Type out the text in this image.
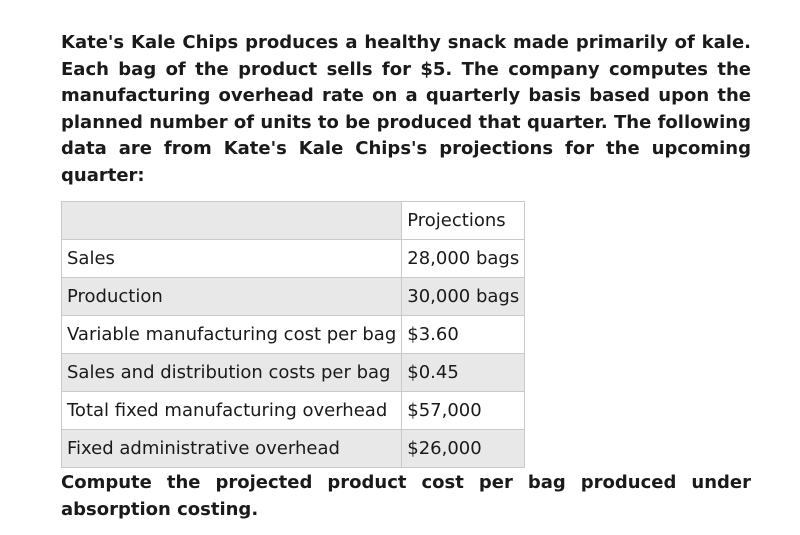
Kate's Kale Chips produces a healthy snack made primarily of kale. Each bag of the product sells for $5. The company computes the manufacturing overhead rate on a quarterly basis based upon the planned number of units to be produced that quarter. The following data are from Kate's Kale Chips's projections for the upcoming quarter:

	Projections
Sales	28,000 bags
Production	30,000 bags
Variable manufacturing cost per bag	$3.60
Sales and distribution costs per bag	$0.45
Total fixed manufacturing overhead	$57,000
Fixed administrative overhead	$26,000

Compute the projected product cost per bag produced under absorption costing.
